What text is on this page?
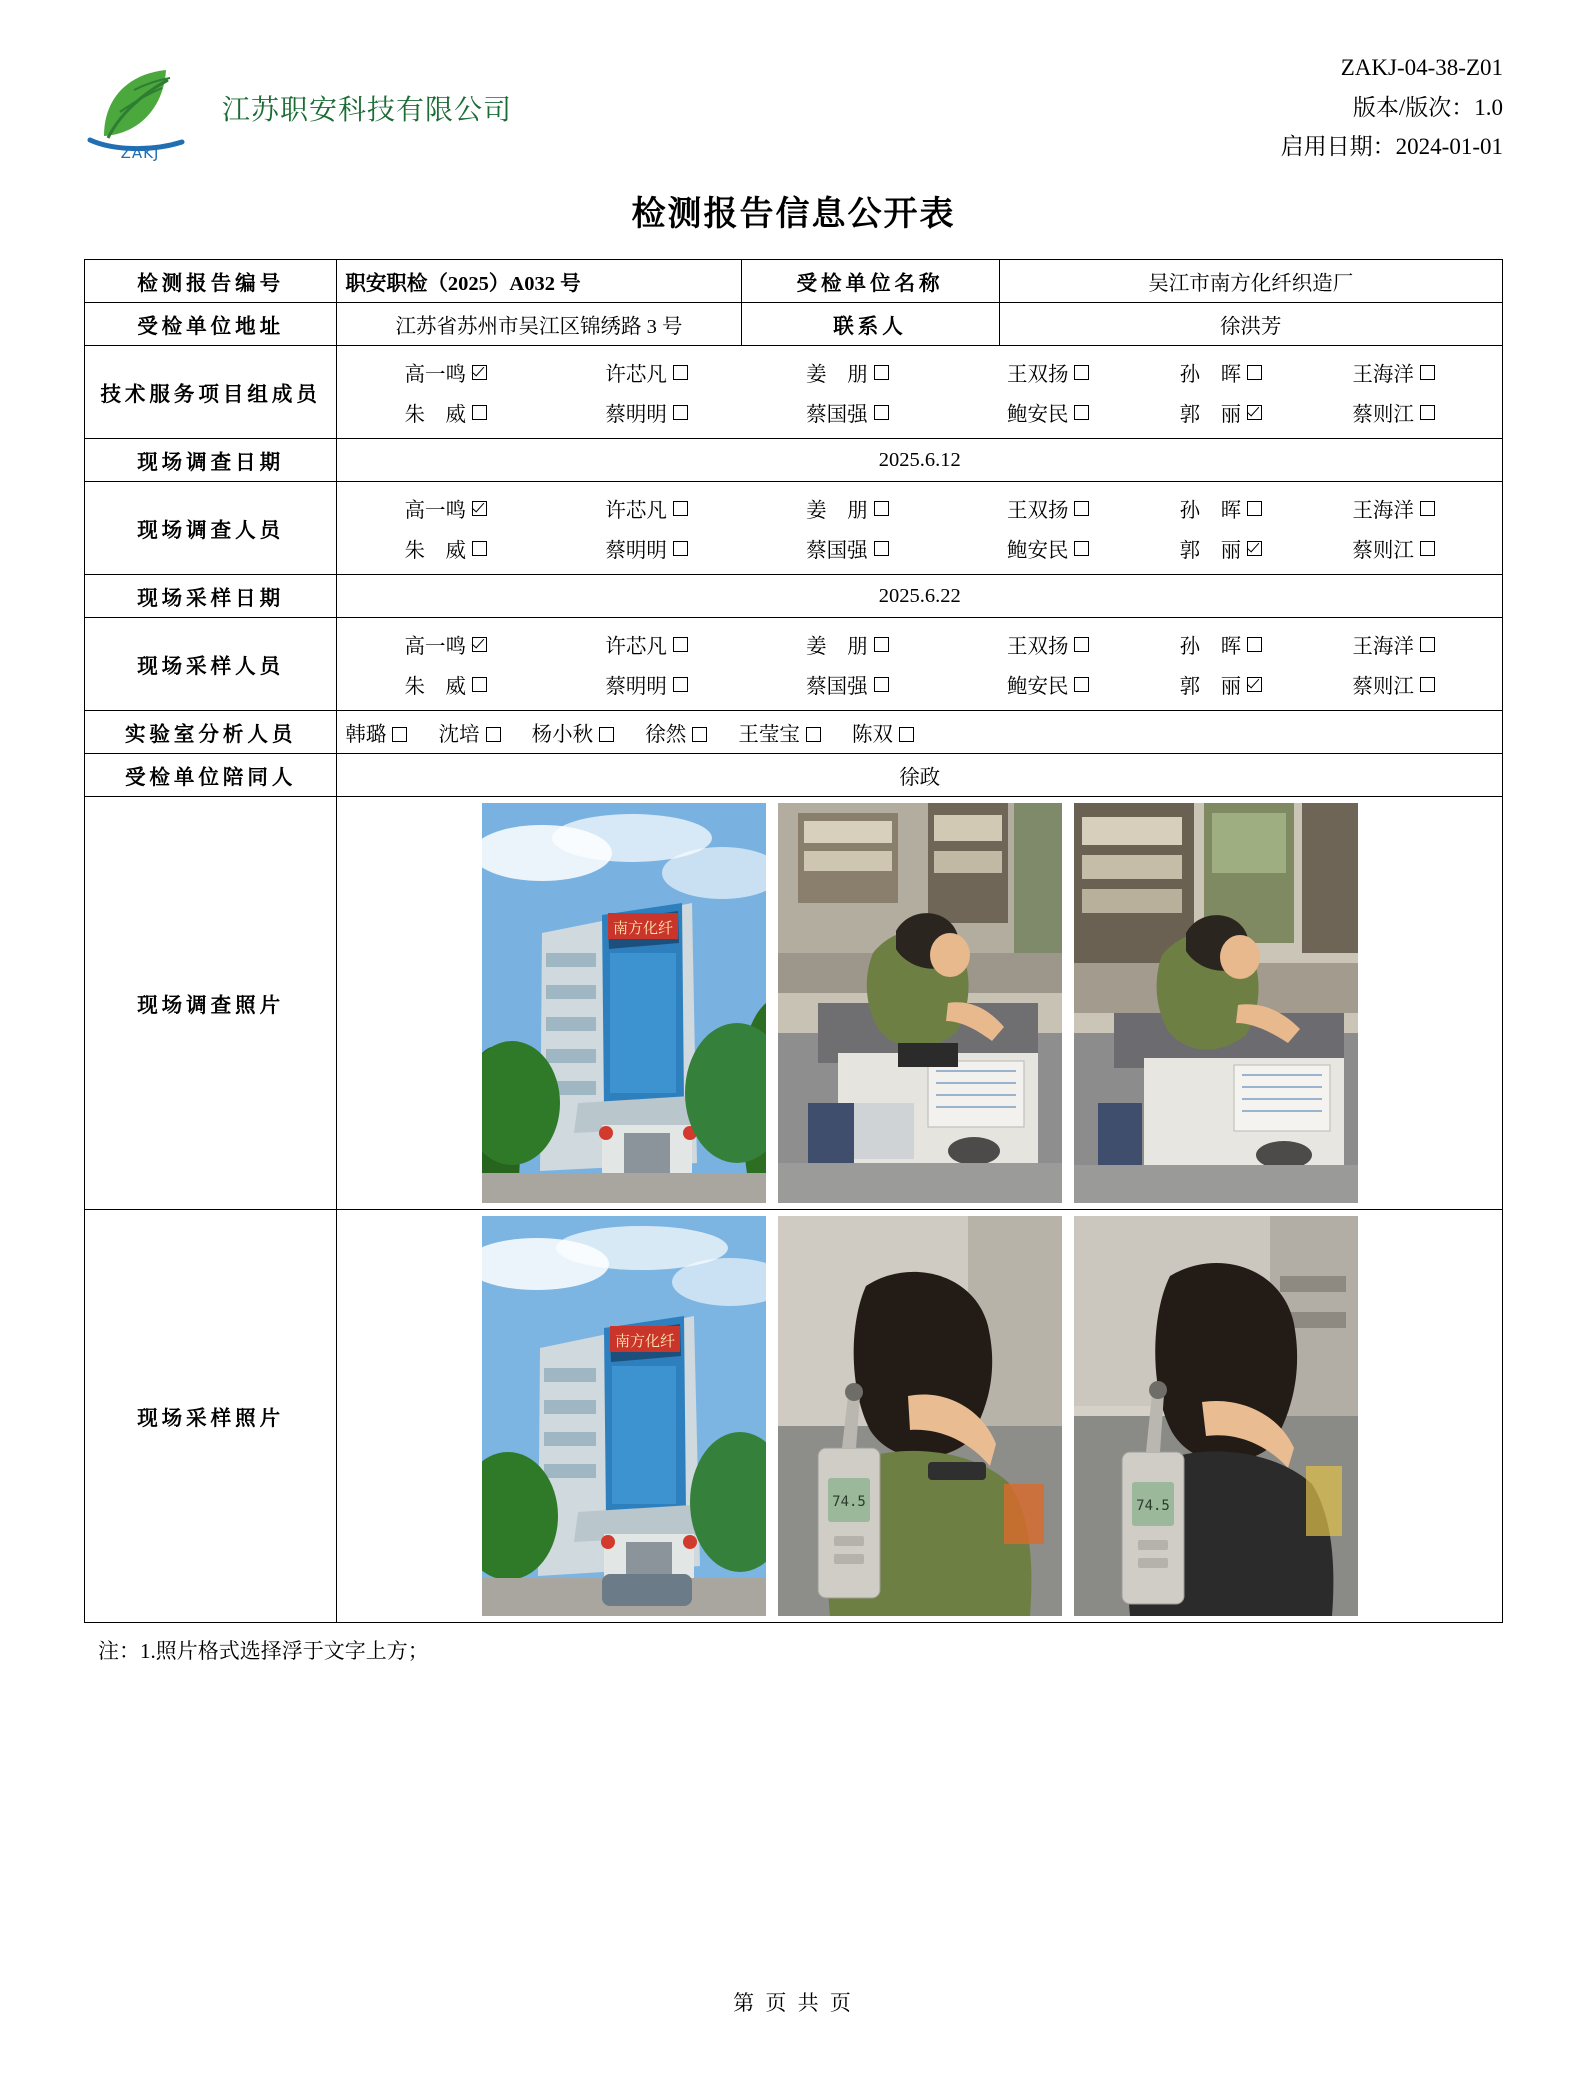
ZAKJ
江苏职安科技有限公司
ZAKJ-04-38-Z01
版本/版次：1.0
启用日期：2024-01-01
检测报告信息公开表
检测报告编号	职安职检（2025）A032 号	受检单位名称	吴江市南方化纤织造厂
受检单位地址	江苏省苏州市吴江区锦绣路 3 号	联系人	徐洪芳
技术服务项目组成员	
高一鸣	许芯凡	姜　朋	王双扬	孙　晖	王海洋
朱　威	蔡明明	蔡国强	鲍安民	郭　丽	蔡则江

现场调查日期	2025.6.12		
现场调查人员	
高一鸣	许芯凡	姜　朋	王双扬	孙　晖	王海洋
朱　威	蔡明明	蔡国强	鲍安民	郭　丽	蔡则江

现场采样日期	2025.6.22		
现场采样人员	
高一鸣	许芯凡	姜　朋	王双扬	孙　晖	王海洋
朱　威	蔡明明	蔡国强	鲍安民	郭　丽	蔡则江

实验室分析人员	韩璐 沈培 杨小秋 徐然 王莹宝 陈双		
受检单位陪同人	徐政		
现场调查照片	南方化纤		

现场采样照片	南方化纤
74.5 74.5		
注：1.照片格式选择浮于文字上方；
第 页 共 页
